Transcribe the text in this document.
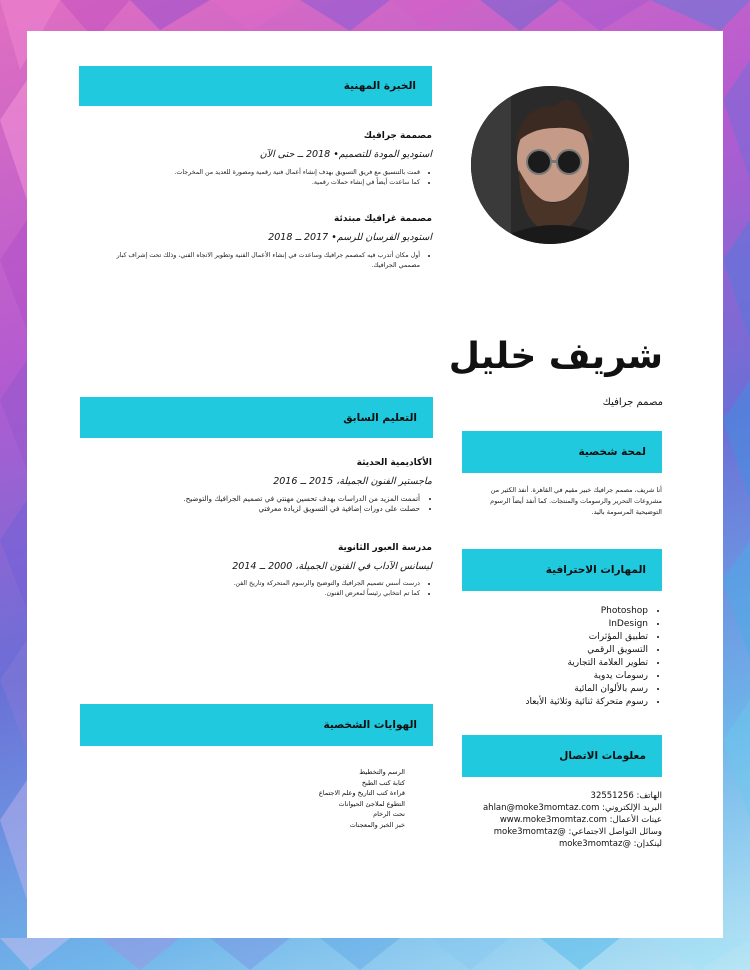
الخبرة المهنية
مصممة جرافيك
استوديو المودة للتصميم• 2018 ــ حتى الآن
• قمت بالتنسيق مع فريق التسويق بهدف إنشاء أعمال فنية رقمية ومصورة للعديد من المخرجات.
• كما ساعدت أيضاً في إنشاء حملات رقمية.
مصممة غرافيك مبتدئة
استوديو الفرسان للرسم• 2017 ــ 2018
• أول مكان أتدرب فيه كمصمم جرافيك وساعدت في إنشاء الأعمال الفنية وتطوير الاتجاه الفني، وذلك تحت إشراف كبار مصممي الجرافيك.
شريف خليل
مصمم جرافيك
التعليم السابق
الأكاديمية الحديثة
ماجستير الفنون الجميلة، 2015 ــ 2016
• أتممت المزيد من الدراسات بهدف تحسين مهنتي في تصميم الجرافيك والتوضيح.
• حصلت على دورات إضافية في التسويق لزيادة معرفتي
مدرسة العبور الثانوية
ليسانس الآداب في الفنون الجميلة، 2000 ــ 2014
• درست أسس تصميم الجرافيك والتوضيح والرسوم المتحركة وتاريخ الفن.
• كما تم انتخابي رئيساً لمعرض الفنون.
لمحة شخصية
أنا شريف، مصمم جرافيك خبير مقيم في القاهرة. أنفذ الكثير من مشروعات التحرير والرسومات والمنتجات. كما أنفذ أيضاً الرسوم التوضيحية المرسومة باليد.
المهارات الاحترافية
• Photoshop
• InDesign
• تطبيق المؤثرات
• التسويق الرقمي
• تطوير العلامة التجارية
• رسومات يدوية
• رسم بالألوان المائية
• رسوم متحركة ثنائية وثلاثية الأبعاد
الهوايات الشخصية
الرسم والتخطيط
كتابة كتب الطبخ
قراءة كتب التاريخ وعلم الاجتماع
التطوع لملاجئ الحيوانات
نحت الرخام
خبز الخبز والمعجنات
معلومات الاتصال
الهاتف: 32551256
البريد الإلكتروني: ahlan@moke3momtaz.com
عينات الأعمال: www.moke3momtaz.com
وسائل التواصل الاجتماعي: @moke3momtaz
لينكدإن: @moke3momtaz
